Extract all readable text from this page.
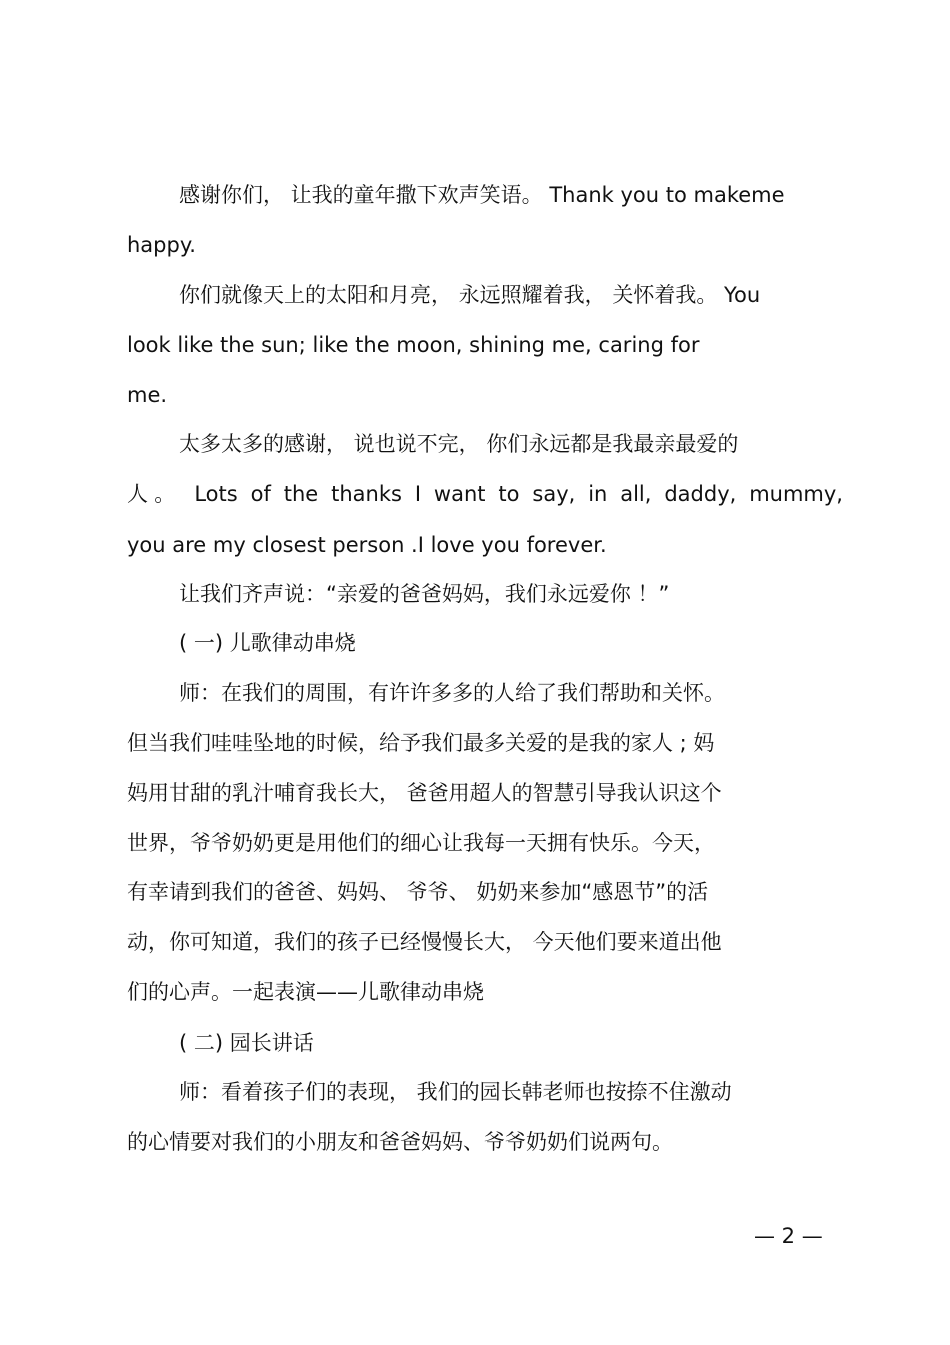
感谢你们， 让我的童年撒下欢声笑语。 Thank you to makeme
happy.
你们就像天上的太阳和月亮， 永远照耀着我， 关怀着我。 You
look like the sun; like the moon, shining me, caring for
me.
太多太多的感谢， 说也说不完， 你们永远都是我最亲最爱的
人。 Lots of the thanks I want to say, in all, daddy, mummy,
you are my closest person .I love you forever.
让我们齐声说：“亲爱的爸爸妈妈，我们永远爱你 ！”
( 一) 儿歌律动串烧
师：在我们的周围，有许许多多的人给了我们帮助和关怀。
但当我们哇哇坠地的时候，给予我们最多关爱的是我的家人 ; 妈
妈用甘甜的乳汁哺育我长大， 爸爸用超人的智慧引导我认识这个
世界，爷爷奶奶更是用他们的细心让我每一天拥有快乐。今天，
有幸请到我们的爸爸、妈妈、 爷爷、 奶奶来参加“感恩节”的活
动，你可知道，我们的孩子已经慢慢长大， 今天他们要来道出他
们的心声。一起表演——儿歌律动串烧
( 二) 园长讲话
师：看着孩子们的表现， 我们的园长韩老师也按捺不住激动
的心情要对我们的小朋友和爸爸妈妈、爷爷奶奶们说两句。
— 2 —
